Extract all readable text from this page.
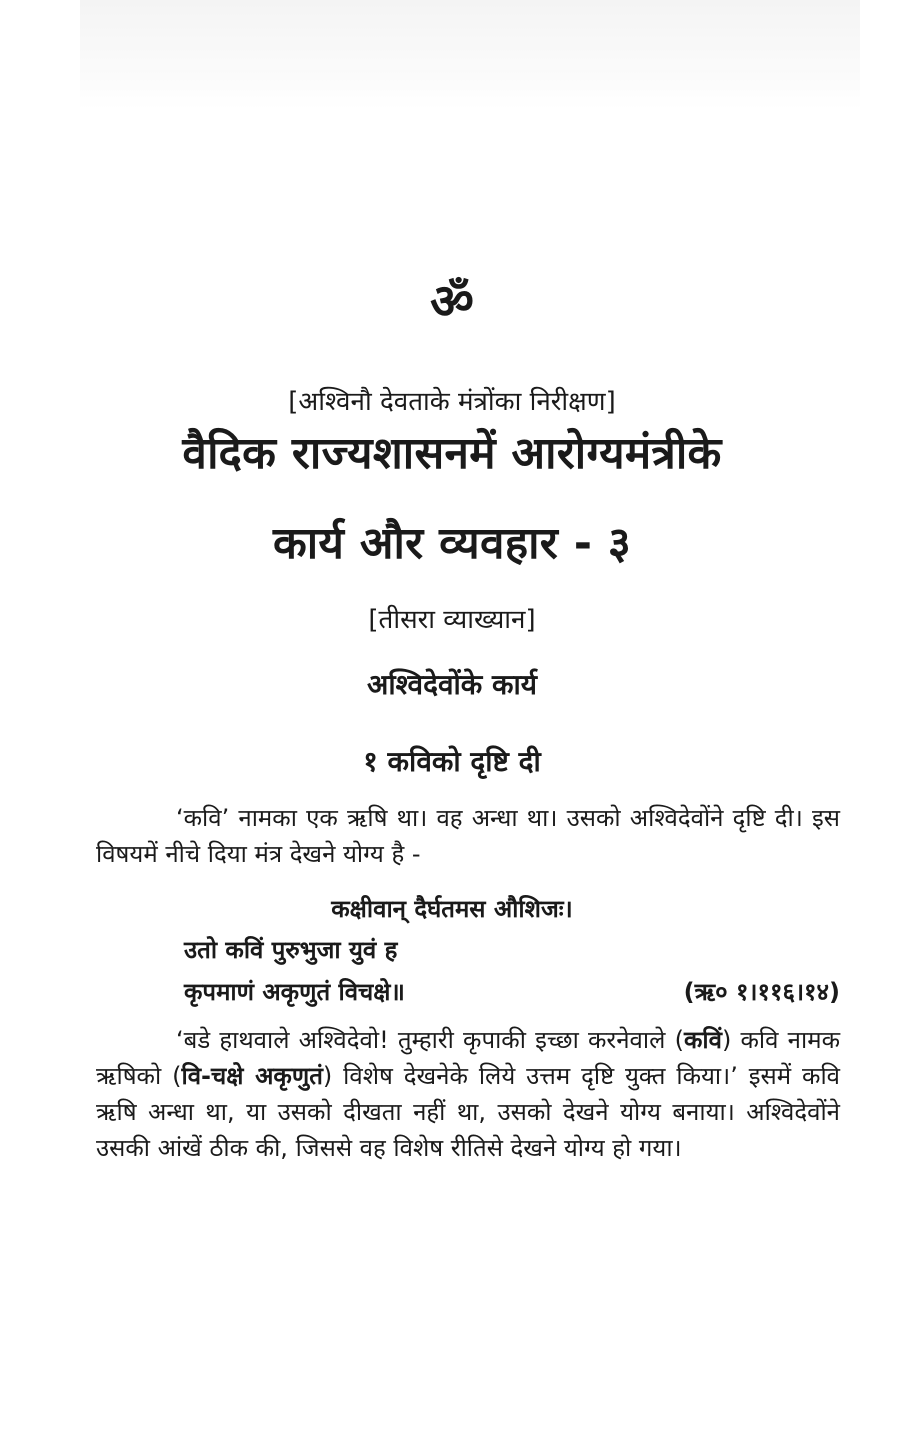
ॐ
[अश्विनौ देवताके मंत्रोंका निरीक्षण]
वैदिक राज्यशासनमें आरोग्यमंत्रीके
कार्य और व्यवहार - ३
[तीसरा व्याख्यान]
अश्विदेवोंके कार्य
१ कविको दृष्टि दी
‘कवि’ नामका एक ऋषि था। वह अन्धा था। उसको अश्विदेवोंने दृष्टि दी। इस विषयमें नीचे दिया मंत्र देखने योग्य है -
कक्षीवान् दैर्घतमस औशिजः।
उतो कविं पुरुभुजा युवं ह
कृपमाणं अकृणुतं विचक्षे॥	(ऋ० १।११६।१४)
‘बडे हाथवाले अश्विदेवो! तुम्हारी कृपाकी इच्छा करनेवाले (कविं) कवि नामक ऋषिको (वि-चक्षे अकृणुतं) विशेष देखनेके लिये उत्तम दृष्टि युक्त किया।’ इसमें कवि ऋषि अन्धा था, या उसको दीखता नहीं था, उसको देखने योग्य बनाया। अश्विदेवोंने उसकी आंखें ठीक की, जिससे वह विशेष रीतिसे देखने योग्य हो गया।
